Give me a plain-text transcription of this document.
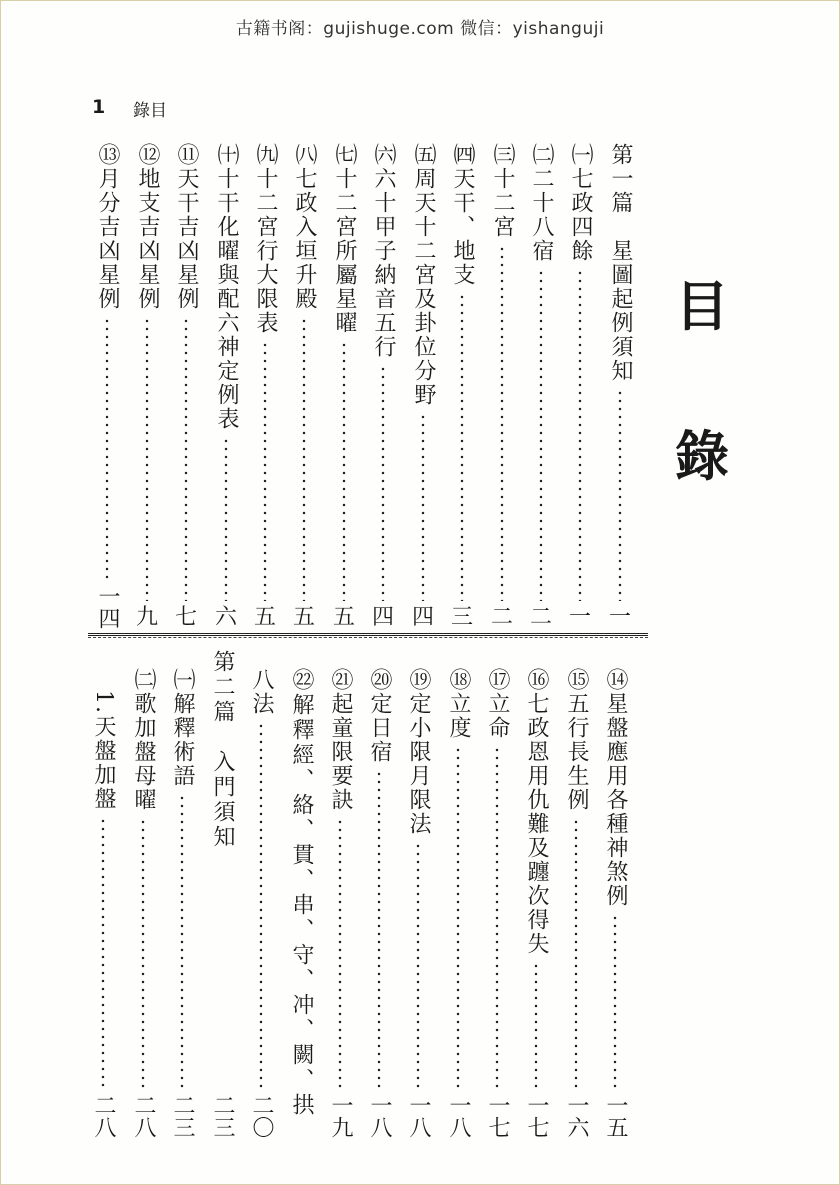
古籍书阁：gujishuge.com 微信：yishanguji
1 錄目
目
錄
第一篇　星圖起例須知
一
㈠七政四餘
一
㈡二十八宿
二
㈢十二宮
二
㈣天干、地支
三
㈤周天十二宮及卦位分野
四
㈥六十甲子納音五行
四
㈦十二宮所屬星曜
五
㈧七政入垣升殿
五
㈨十二宮行大限表
五
㈩十干化曜與配六神定例表
六
⑪天干吉凶星例
七
⑫地支吉凶星例
九
⑬月分吉凶星例
一四
⑭星盤應用各種神煞例
一五
⑮五行長生例
一六
⑯七政恩用仇難及躔次得失
一七
⑰立命
一七
⑱立度
一八
⑲定小限月限法
一八
⑳定日宿
一八
㉑起童限要訣
一九
㉒解釋經、絡、貫、串、守、冲、闕、拱
八法
二〇
第二篇　入門須知
二三
㈠解釋術語
二三
㈡歌加盤母曜
二八
1.天盤加盤
二八
